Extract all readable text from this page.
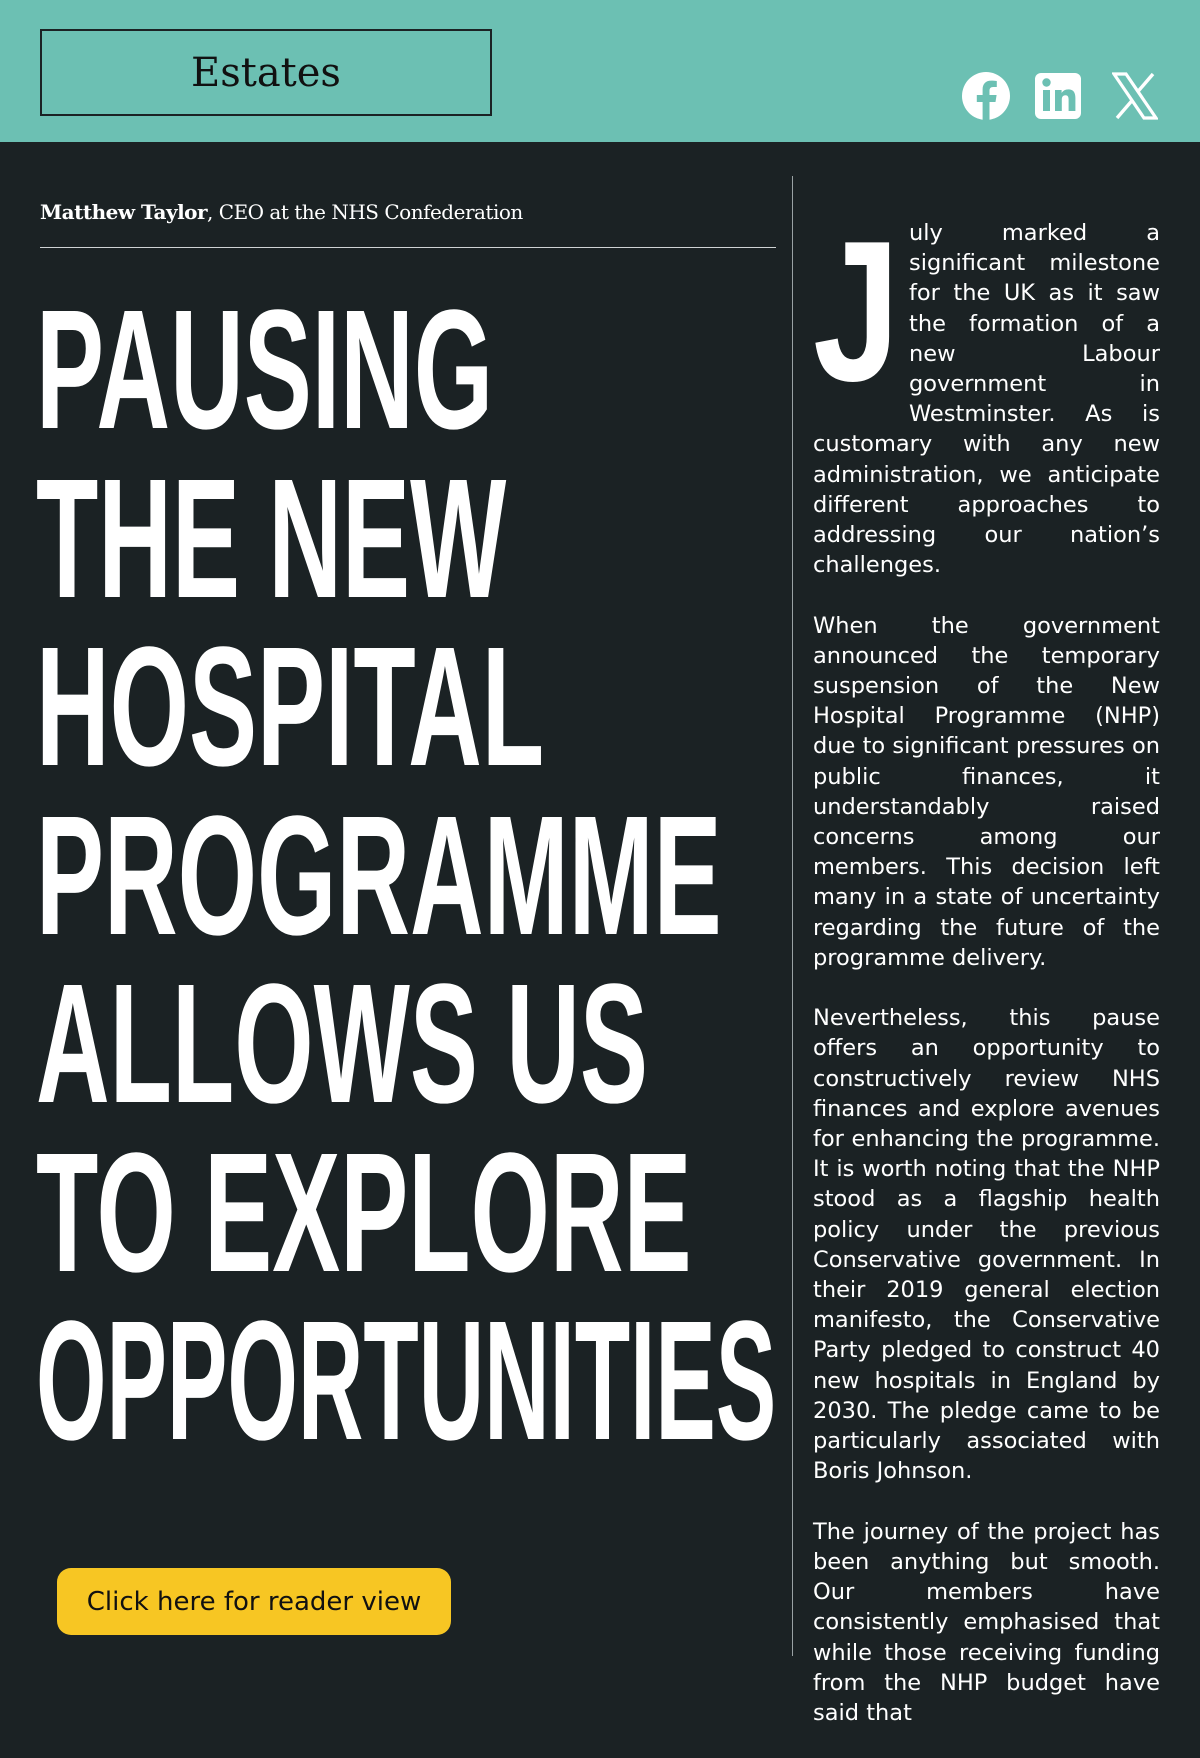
Estates
Matthew Taylor, CEO at the NHS Confederation
PAUSING
THE NEW
HOSPITAL
PROGRAMME
ALLOWS US
TO EXPLORE
OPPORTUNITIES
Click here for reader view

July marked a significant milestone for the UK as it saw the formation of a new Labour government in Westminster. As is customary with any new administration, we anticipate different approaches to addressing our nation’s challenges.

When the government announced the temporary suspension of the New Hospital Programme (NHP) due to significant pressures on public finances, it understandably raised concerns among our members. This decision left many in a state of uncertainty regarding the future of the programme delivery.

Nevertheless, this pause offers an opportunity to constructively review NHS finances and explore avenues for enhancing the programme. It is worth noting that the NHP stood as a flagship health policy under the previous Conservative government. In their 2019 general election manifesto, the Conservative Party pledged to construct 40 new hospitals in England by 2030. The pledge came to be particularly associated with Boris Johnson.

The journey of the project has been anything but smooth. Our members have consistently emphasised that while those receiving funding from the NHP budget have said that
